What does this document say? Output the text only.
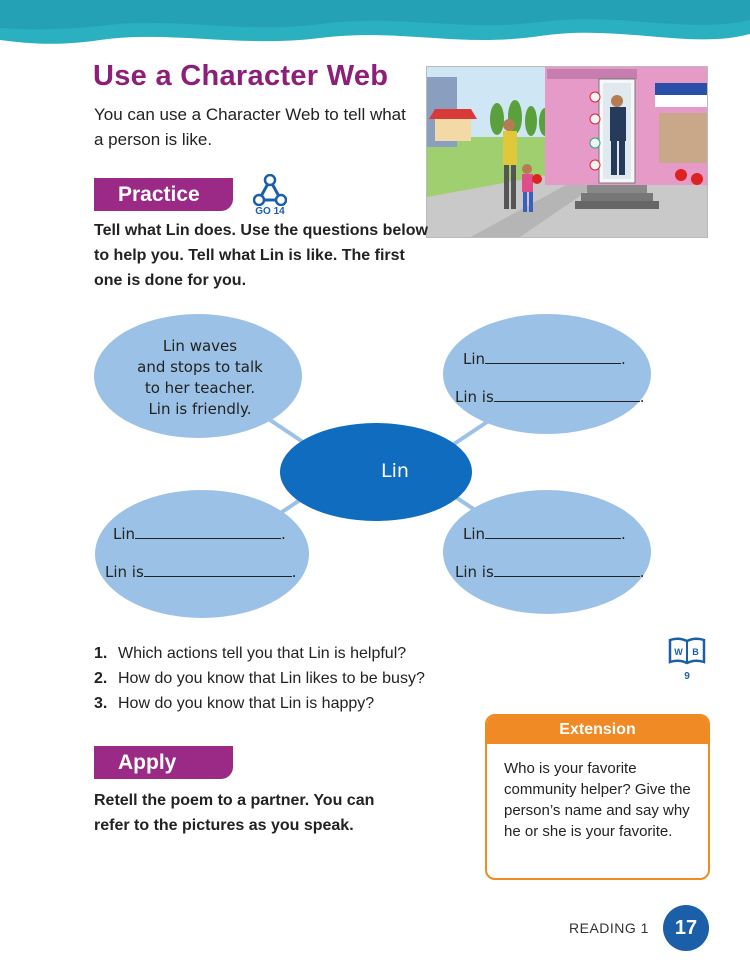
Use a Character Web
You can use a Character Web to tell what a person is like.
Practice
GO 14
Tell what Lin does. Use the questions below to help you. Tell what Lin is like. The first one is done for you.
Lin waves
and stops to talk
to her teacher.
Lin is friendly.
Lin
Lin	.
Lin is	.
Lin	.
Lin is	.
Lin	.
Lin is	.
1. Which actions tell you that Lin is helpful?
2. How do you know that Lin likes to be busy?
3. How do you know that Lin is happy?
W B
9
Apply
Retell the poem to a partner. You can refer to the pictures as you speak.
Extension
Who is your favorite community helper? Give the person’s name and say why he or she is your favorite.
READING 1	17
